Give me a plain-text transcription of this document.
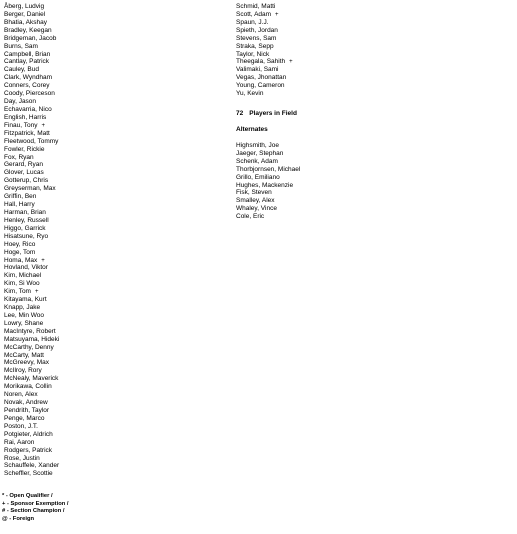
Åberg, Ludvig
Berger, Daniel
Bhatia, Akshay
Bradley, Keegan
Bridgeman, Jacob
Burns, Sam
Campbell, Brian
Cantlay, Patrick
Cauley, Bud
Clark, Wyndham
Conners, Corey
Coody, Pierceson
Day, Jason
Echavarria, Nico
English, Harris
Finau, Tony +
Fitzpatrick, Matt
Fleetwood, Tommy
Fowler, Rickie
Fox, Ryan
Gerard, Ryan
Glover, Lucas
Gotterup, Chris
Greyserman, Max
Griffin, Ben
Hall, Harry
Harman, Brian
Henley, Russell
Higgo, Garrick
Hisatsune, Ryo
Hoey, Rico
Hoge, Tom
Homa, Max +
Hovland, Viktor
Kim, Michael
Kim, Si Woo
Kim, Tom +
Kitayama, Kurt
Knapp, Jake
Lee, Min Woo
Lowry, Shane
MacIntyre, Robert
Matsuyama, Hideki
McCarthy, Denny
McCarty, Matt
McGreevy, Max
McIlroy, Rory
McNealy, Maverick
Morikawa, Collin
Noren, Alex
Novak, Andrew
Pendrith, Taylor
Penge, Marco
Poston, J.T.
Potgieter, Aldrich
Rai, Aaron
Rodgers, Patrick
Rose, Justin
Schauffele, Xander
Scheffler, Scottie
Schmid, Matti
Scott, Adam +
Spaun, J.J.
Spieth, Jordan
Stevens, Sam
Straka, Sepp
Taylor, Nick
Theegala, Sahith +
Valimaki, Sami
Vegas, Jhonattan
Young, Cameron
Yu, Kevin
72 Players in Field
Alternates
Highsmith, Joe
Jaeger, Stephan
Schenk, Adam
Thorbjornsen, Michael
Grillo, Emiliano
Hughes, Mackenzie
Fisk, Steven
Smalley, Alex
Whaley, Vince
Cole, Eric
* - Open Qualifier /
+ - Sponsor Exemption /
# - Section Champion /
@ - Foreign
